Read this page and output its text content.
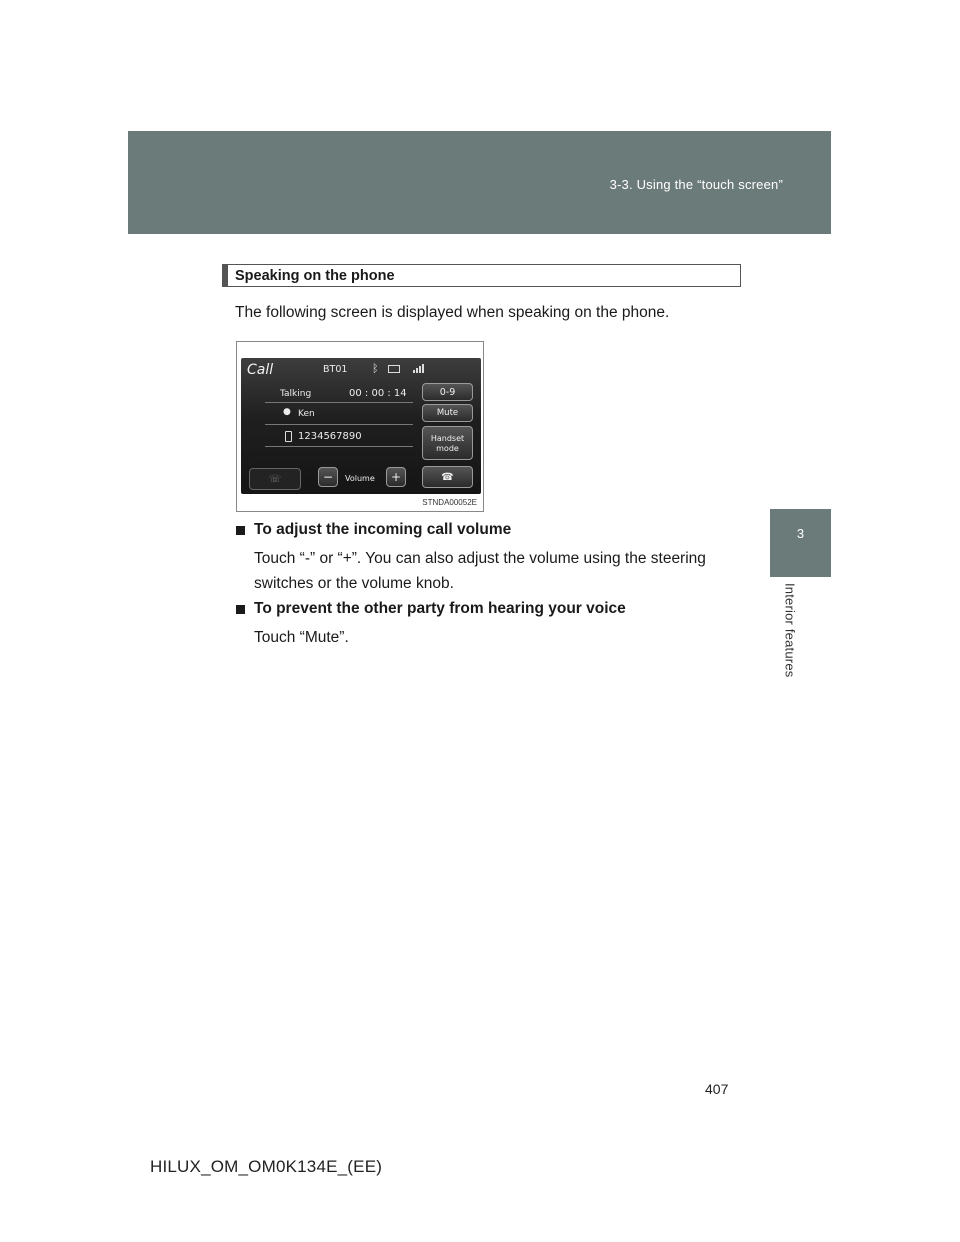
3-3. Using the “touch screen”
3
Interior features
Speaking on the phone
The following screen is displayed when speaking on the phone.
Call	BT01 ᛒ
Talking	00 : 00 : 14
● Ken
1234567890
0-9
Mute
Handset
mode
☎
☏	−	Volume	+
STNDA00052E
To adjust the incoming call volume
Touch “-” or “+”. You can also adjust the volume using the steering
switches or the volume knob.
To prevent the other party from hearing your voice
Touch “Mute”.
407
HILUX_OM_OM0K134E_(EE)
